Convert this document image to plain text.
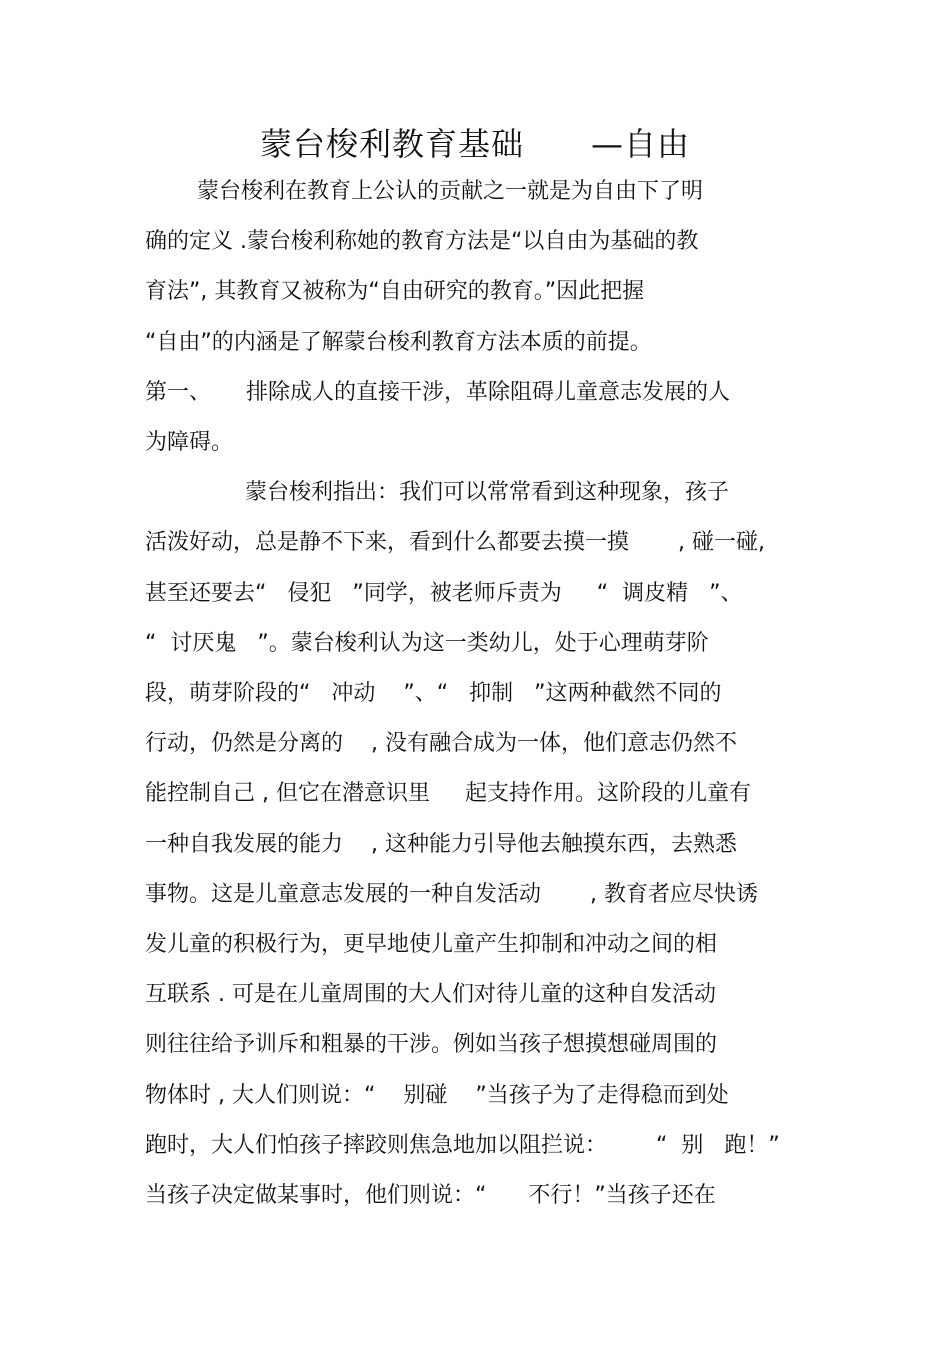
蒙台梭利教育基础      —自由
蒙台梭利在教育上公认的贡献之一就是为自由下了明
确的定义 .蒙台梭利称她的教育方法是“以自由为基础的教
育法”, 其教育又被称为“自由研究的教育。”因此把握
“自由”的内涵是了解蒙台梭利教育方法本质的前提。
第一、     排除成人的直接干涉，革除阻碍儿童意志发展的人
为障碍。
蒙台梭利指出：我们可以常常看到这种现象，孩子
活泼好动，总是静不下来，看到什么都要去摸一摸       , 碰一碰,
甚至还要去“   侵犯   ”同学，被老师斥责为     “  调皮精   ”、
“  讨厌鬼   ”。蒙台梭利认为这一类幼儿，处于心理萌芽阶
段，萌芽阶段的“   冲动    ”、“   抑制   ”这两种截然不同的
行动，仍然是分离的    , 没有融合成为一体，他们意志仍然不
能控制自己 , 但它在潜意识里     起支持作用。这阶段的儿童有
一种自我发展的能力    , 这种能力引导他去触摸东西，去熟悉
事物。这是儿童意志发展的一种自发活动       , 教育者应尽快诱
发儿童的积极行为，更早地使儿童产生抑制和冲动之间的相
互联系 . 可是在儿童周围的大人们对待儿童的这种自发活动
则往往给予训斥和粗暴的干涉。例如当孩子想摸想碰周围的
物体时 , 大人们则说：“    别碰    ”当孩子为了走得稳而到处
跑时，大人们怕孩子摔跤则焦急地加以阻拦说：       “  别   跑！”
当孩子决定做某事时，他们则说：“      不行！”当孩子还在
